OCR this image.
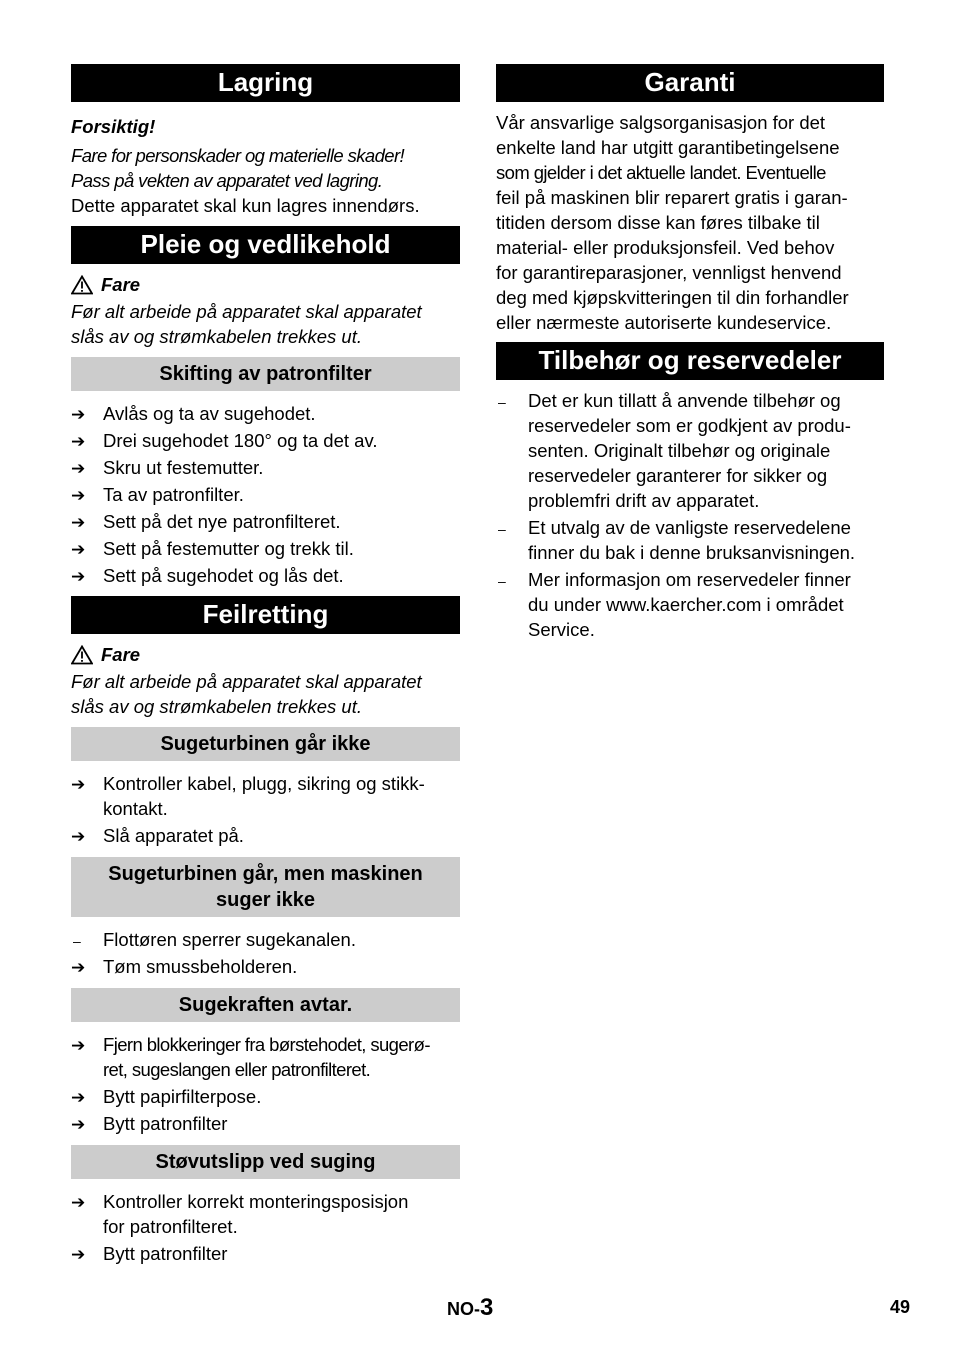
Lagring

Forsiktig!

Fare for personskader og materielle skader!

Pass på vekten av apparatet ved lagring.

Dette apparatet skal kun lagres innendørs.

Pleie og vedlikehold
Fare

Før alt arbeide på apparatet skal apparatet

slås av og strømkabelen trekkes ut.

Skifting av patronfilter
➔
Avlås og ta av sugehodet.
➔
Drei sugehodet 180° og ta det av.
➔
Skru ut festemutter.
➔
Ta av patronfilter.
➔
Sett på det nye patronfilteret.
➔
Sett på festemutter og trekk til.
➔
Sett på sugehodet og lås det.
Feilretting
Fare

Før alt arbeide på apparatet skal apparatet

slås av og strømkabelen trekkes ut.

Sugeturbinen går ikke
➔
Kontroller kabel, plugg, sikring og stikk-
kontakt.
➔
Slå apparatet på.
Sugeturbinen går, men maskinen
suger ikke
–
Flottøren sperrer sugekanalen.
➔
Tøm smussbeholderen.
Sugekraften avtar.
➔
Fjern blokkeringer fra børstehodet, sugerø-
ret, sugeslangen eller patronfilteret.
➔
Bytt papirfilterpose.
➔
Bytt patronfilter
Støvutslipp ved suging
➔
Kontroller korrekt monteringsposisjon
for patronfilteret.
➔
Bytt patronfilter
Garanti

Vår ansvarlige salgsorganisasjon for det

enkelte land har utgitt garantibetingelsene

som gjelder i det aktuelle landet. Eventuelle

feil på maskinen blir reparert gratis i garan-

titiden dersom disse kan føres tilbake til

material- eller produksjonsfeil. Ved behov

for garantireparasjoner, vennligst henvend

deg med kjøpskvitteringen til din forhandler

eller nærmeste autoriserte kundeservice.

Tilbehør og reservedeler
–
Det er kun tillatt å anvende tilbehør og
reservedeler som er godkjent av produ-
senten. Originalt tilbehør og originale
reservedeler garanterer for sikker og
problemfri drift av apparatet.
–
Et utvalg av de vanligste reservedelene
finner du bak i denne bruksanvisningen.
–
Mer informasjon om reservedeler finner
du under www.kaercher.com i området
Service.
NO-3	49
